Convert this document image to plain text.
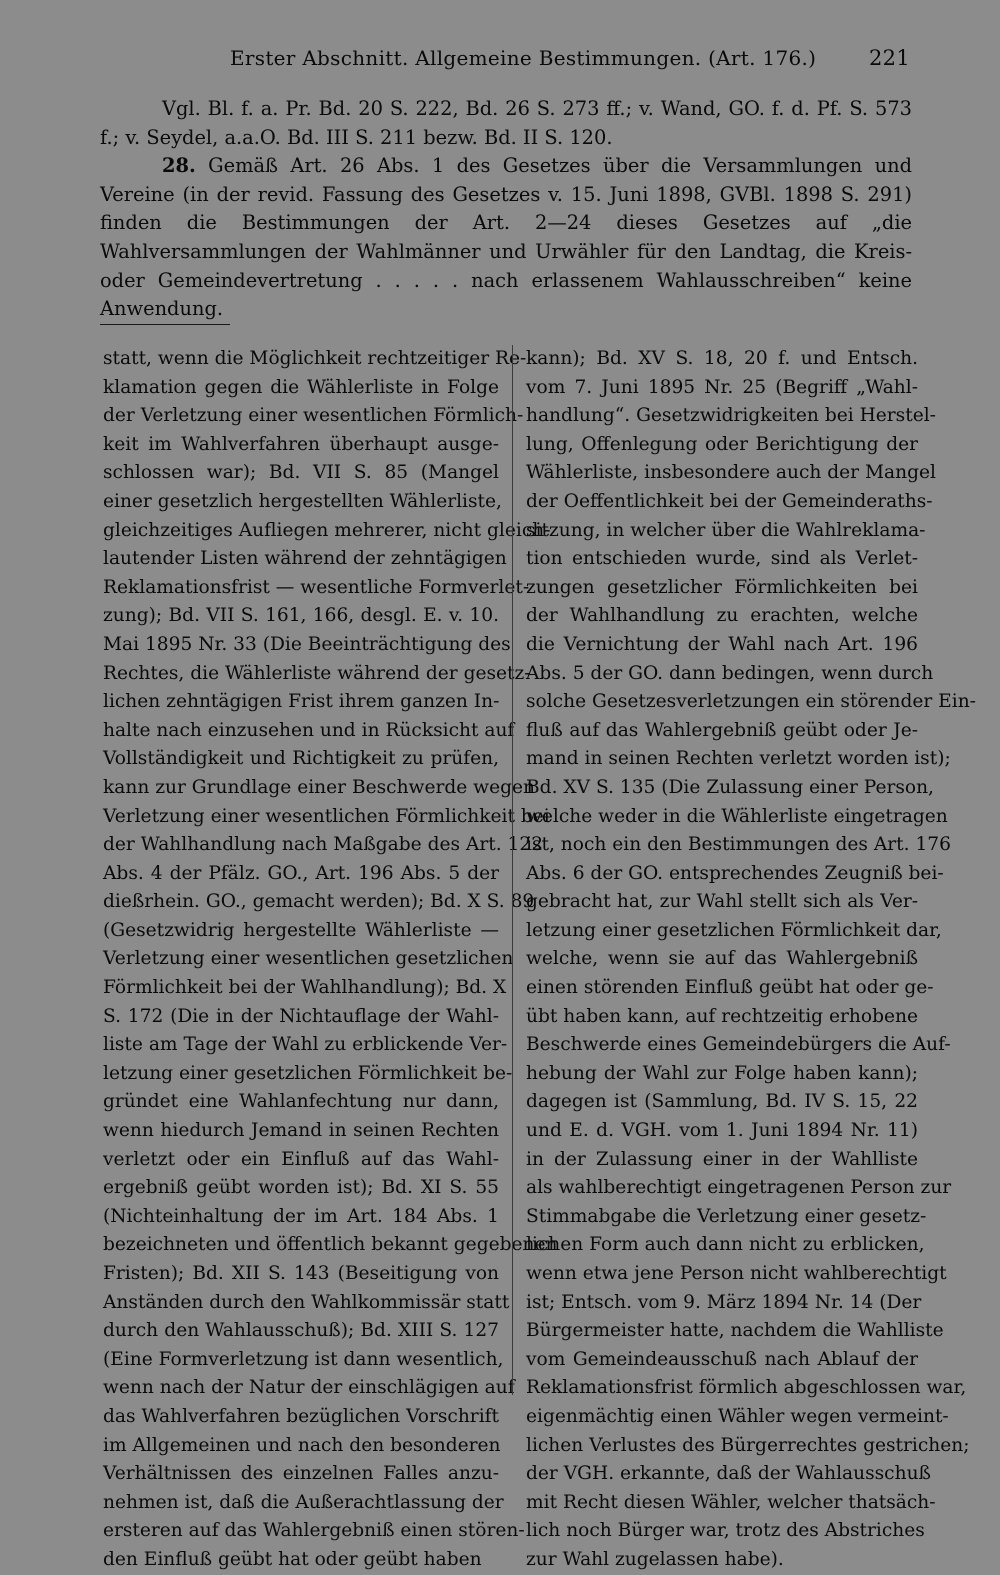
Erster Abschnitt. Allgemeine Bestimmungen. (Art. 176.)	221

Vgl. Bl. f. a. Pr. Bd. 20 S. 222, Bd. 26 S. 273 ff.; v. Wand, GO. f. d. Pf. S. 573 f.; v. Seydel, a.a.O. Bd. III S. 211 bezw. Bd. II S. 120.

28. Gemäß Art. 26 Abs. 1 des Gesetzes über die Versammlungen und Vereine (in der revid. Fassung des Gesetzes v. 15. Juni 1898, GVBl. 1898 S. 291) finden die Bestimmungen der Art. 2—24 dieses Gesetzes auf „die Wahlversammlungen der Wahlmänner und Urwähler für den Landtag, die Kreis- oder Gemeindevertretung . . . . . nach erlassenem Wahlausschreiben“ keine Anwendung.

statt, wenn die Möglichkeit rechtzeitiger Re-
klamation gegen die Wählerliste in Folge
der Verletzung einer wesentlichen Förmlich-
keit im Wahlverfahren überhaupt ausge-
schlossen war); Bd. VII S. 85 (Mangel
einer gesetzlich hergestellten Wählerliste,
gleichzeitiges Aufliegen mehrerer, nicht gleich-
lautender Listen während der zehntägigen
Reklamationsfrist — wesentliche Formverlet-
zung); Bd. VII S. 161, 166, desgl. E. v. 10.
Mai 1895 Nr. 33 (Die Beeinträchtigung des
Rechtes, die Wählerliste während der gesetz-
lichen zehntägigen Frist ihrem ganzen In-
halte nach einzusehen und in Rücksicht auf
Vollständigkeit und Richtigkeit zu prüfen,
kann zur Grundlage einer Beschwerde wegen
Verletzung einer wesentlichen Förmlichkeit bei
der Wahlhandlung nach Maßgabe des Art. 122
Abs. 4 der Pfälz. GO., Art. 196 Abs. 5 der
dießrhein. GO., gemacht werden); Bd. X S. 89
(Gesetzwidrig hergestellte Wählerliste —
Verletzung einer wesentlichen gesetzlichen
Förmlichkeit bei der Wahlhandlung); Bd. X
S. 172 (Die in der Nichtauflage der Wahl-
liste am Tage der Wahl zu erblickende Ver-
letzung einer gesetzlichen Förmlichkeit be-
gründet eine Wahlanfechtung nur dann,
wenn hiedurch Jemand in seinen Rechten
verletzt oder ein Einfluß auf das Wahl-
ergebniß geübt worden ist); Bd. XI S. 55
(Nichteinhaltung der im Art. 184 Abs. 1
bezeichneten und öffentlich bekannt gegebenen
Fristen); Bd. XII S. 143 (Beseitigung von
Anständen durch den Wahlkommissär statt
durch den Wahlausschuß); Bd. XIII S. 127
(Eine Formverletzung ist dann wesentlich,
wenn nach der Natur der einschlägigen auf
das Wahlverfahren bezüglichen Vorschrift
im Allgemeinen und nach den besonderen
Verhältnissen des einzelnen Falles anzu-
nehmen ist, daß die Außerachtlassung der
ersteren auf das Wahlergebniß einen stören-
den Einfluß geübt hat oder geübt haben
kann); Bd. XV S. 18, 20 f. und Entsch.
vom 7. Juni 1895 Nr. 25 (Begriff „Wahl-
handlung“. Gesetzwidrigkeiten bei Herstel-
lung, Offenlegung oder Berichtigung der
Wählerliste, insbesondere auch der Mangel
der Oeffentlichkeit bei der Gemeinderaths-
sitzung, in welcher über die Wahlreklama-
tion entschieden wurde, sind als Verlet-
zungen gesetzlicher Förmlichkeiten bei
der Wahlhandlung zu erachten, welche
die Vernichtung der Wahl nach Art. 196
Abs. 5 der GO. dann bedingen, wenn durch
solche Gesetzesverletzungen ein störender Ein-
fluß auf das Wahlergebniß geübt oder Je-
mand in seinen Rechten verletzt worden ist);
Bd. XV S. 135 (Die Zulassung einer Person,
welche weder in die Wählerliste eingetragen
ist, noch ein den Bestimmungen des Art. 176
Abs. 6 der GO. entsprechendes Zeugniß bei-
gebracht hat, zur Wahl stellt sich als Ver-
letzung einer gesetzlichen Förmlichkeit dar,
welche, wenn sie auf das Wahlergebniß
einen störenden Einfluß geübt hat oder ge-
übt haben kann, auf rechtzeitig erhobene
Beschwerde eines Gemeindebürgers die Auf-
hebung der Wahl zur Folge haben kann);
dagegen ist (Sammlung, Bd. IV S. 15, 22
und E. d. VGH. vom 1. Juni 1894 Nr. 11)
in der Zulassung einer in der Wahlliste
als wahlberechtigt eingetragenen Person zur
Stimmabgabe die Verletzung einer gesetz-
lichen Form auch dann nicht zu erblicken,
wenn etwa jene Person nicht wahlberechtigt
ist; Entsch. vom 9. März 1894 Nr. 14 (Der
Bürgermeister hatte, nachdem die Wahlliste
vom Gemeindeausschuß nach Ablauf der
Reklamationsfrist förmlich abgeschlossen war,
eigenmächtig einen Wähler wegen vermeint-
lichen Verlustes des Bürgerrechtes gestrichen;
der VGH. erkannte, daß der Wahlausschuß
mit Recht diesen Wähler, welcher thatsäch-
lich noch Bürger war, trotz des Abstriches
zur Wahl zugelassen habe).
